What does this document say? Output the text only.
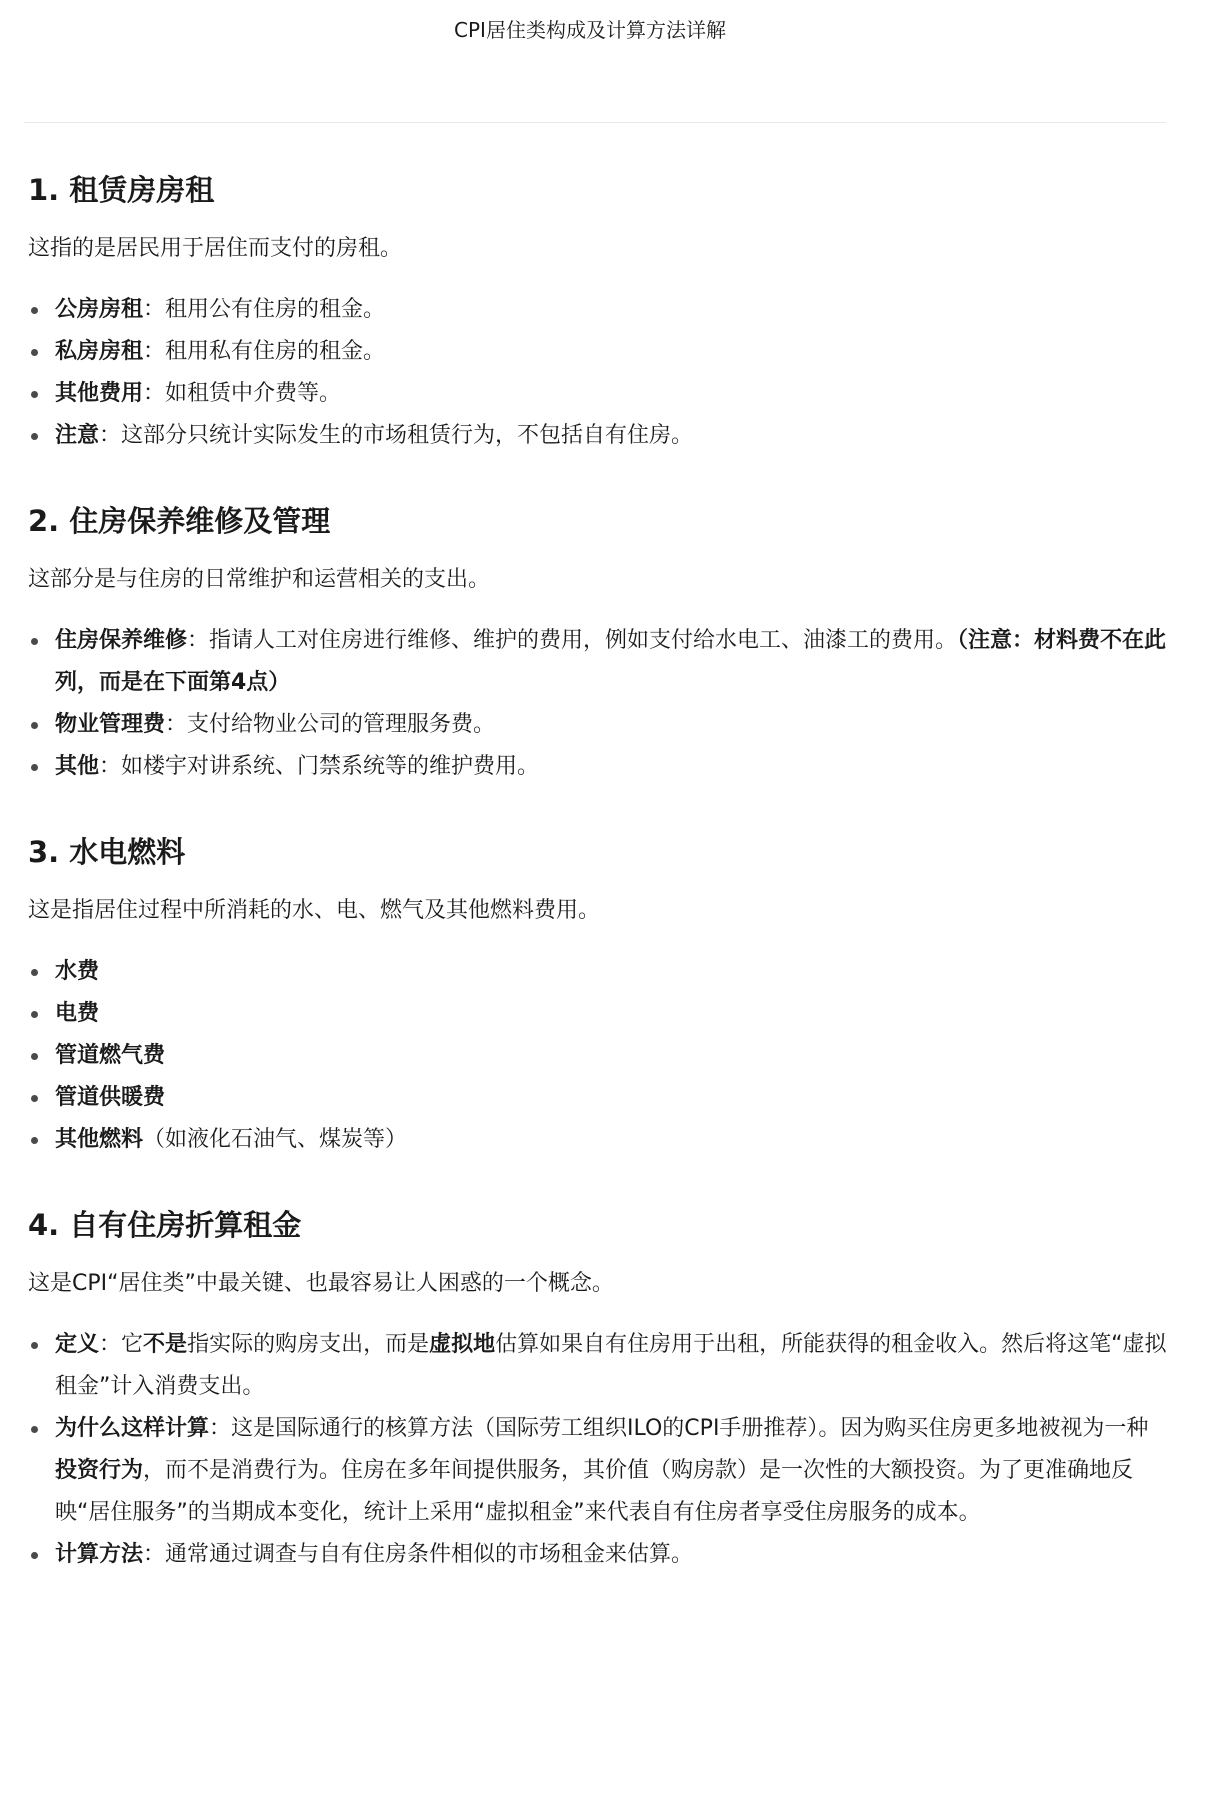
CPI居住类构成及计算方法详解
1. 租赁房房租

这指的是居民用于居住而支付的房租。

公房房租：租用公有住房的租金。
私房房租：租用私有住房的租金。
其他费用：如租赁中介费等。
注意：这部分只统计实际发生的市场租赁行为，不包括自有住房。
2. 住房保养维修及管理

这部分是与住房的日常维护和运营相关的支出。

住房保养维修：指请人工对住房进行维修、维护的费用，例如支付给水电工、油漆工的费用。（注意：材料费不在此列，而是在下面第4点）
物业管理费：支付给物业公司的管理服务费。
其他：如楼宇对讲系统、门禁系统等的维护费用。
3. 水电燃料

这是指居住过程中所消耗的水、电、燃气及其他燃料费用。

水费
电费
管道燃气费
管道供暖费
其他燃料（如液化石油气、煤炭等）
4. 自有住房折算租金

这是CPI“居住类”中最关键、也最容易让人困惑的一个概念。

定义：它不是指实际的购房支出，而是虚拟地估算如果自有住房用于出租，所能获得的租金收入。然后将这笔“虚拟租金”计入消费支出。
为什么这样计算：这是国际通行的核算方法（国际劳工组织ILO的CPI手册推荐）。因为购买住房更多地被视为一种投资行为，而不是消费行为。住房在多年间提供服务，其价值（购房款）是一次性的大额投资。为了更准确地反映“居住服务”的当期成本变化，统计上采用“虚拟租金”来代表自有住房者享受住房服务的成本。
计算方法：通常通过调查与自有住房条件相似的市场租金来估算。
